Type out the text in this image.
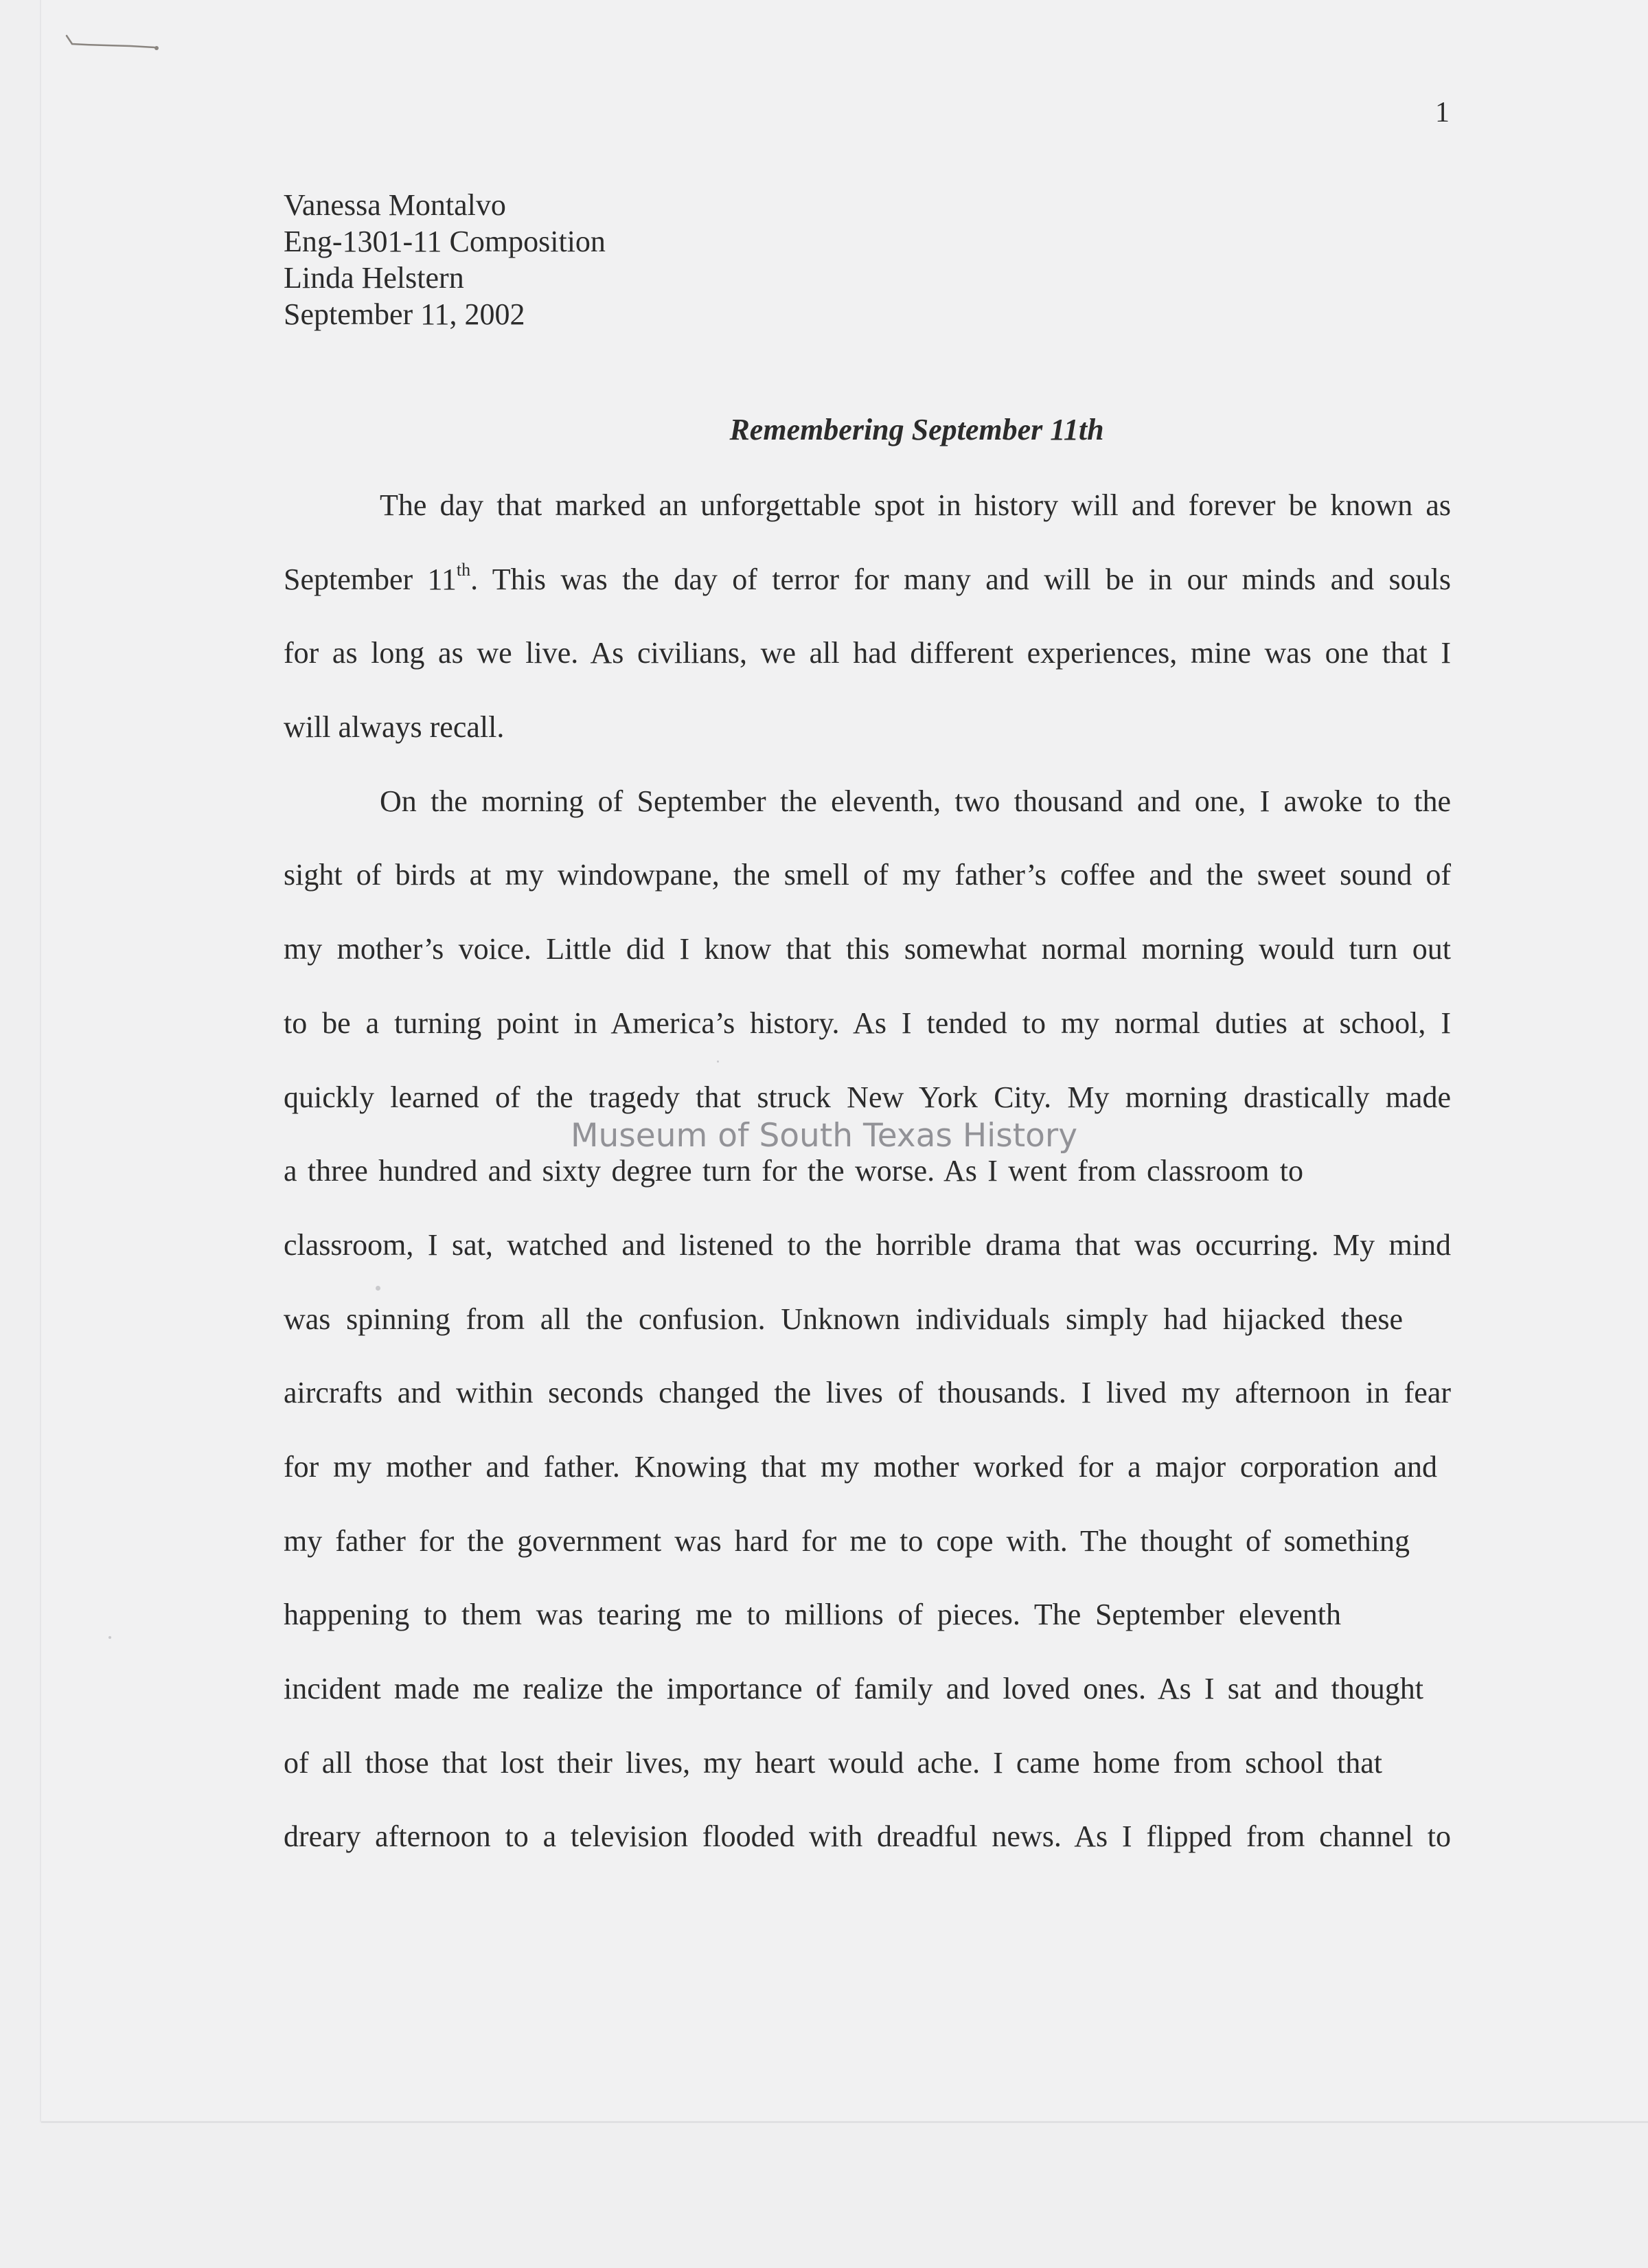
1
Vanessa Montalvo
Eng-1301-11 Composition
Linda Helstern
September 11, 2002
Remembering September 11th
The day that marked an unforgettable spot in history will and forever be known as
September 11th. This was the day of terror for many and will be in our minds and souls
for as long as we live. As civilians, we all had different experiences, mine was one that I
will always recall.
On the morning of September the eleventh, two thousand and one, I awoke to the
sight of birds at my windowpane, the smell of my father’s coffee and the sweet sound of
my mother’s voice. Little did I know that this somewhat normal morning would turn out
to be a turning point in America’s history. As I tended to my normal duties at school, I
quickly learned of the tragedy that struck New York City. My morning drastically made
a three hundred and sixty degree turn for the worse. As I went from classroom to
classroom, I sat, watched and listened to the horrible drama that was occurring. My mind
was spinning from all the confusion. Unknown individuals simply had hijacked these
aircrafts and within seconds changed the lives of thousands. I lived my afternoon in fear
for my mother and father. Knowing that my mother worked for a major corporation and
my father for the government was hard for me to cope with. The thought of something
happening to them was tearing me to millions of pieces. The September eleventh
incident made me realize the importance of family and loved ones. As I sat and thought
of all those that lost their lives, my heart would ache. I came home from school that
dreary afternoon to a television flooded with dreadful news. As I flipped from channel to
Museum of South Texas History
